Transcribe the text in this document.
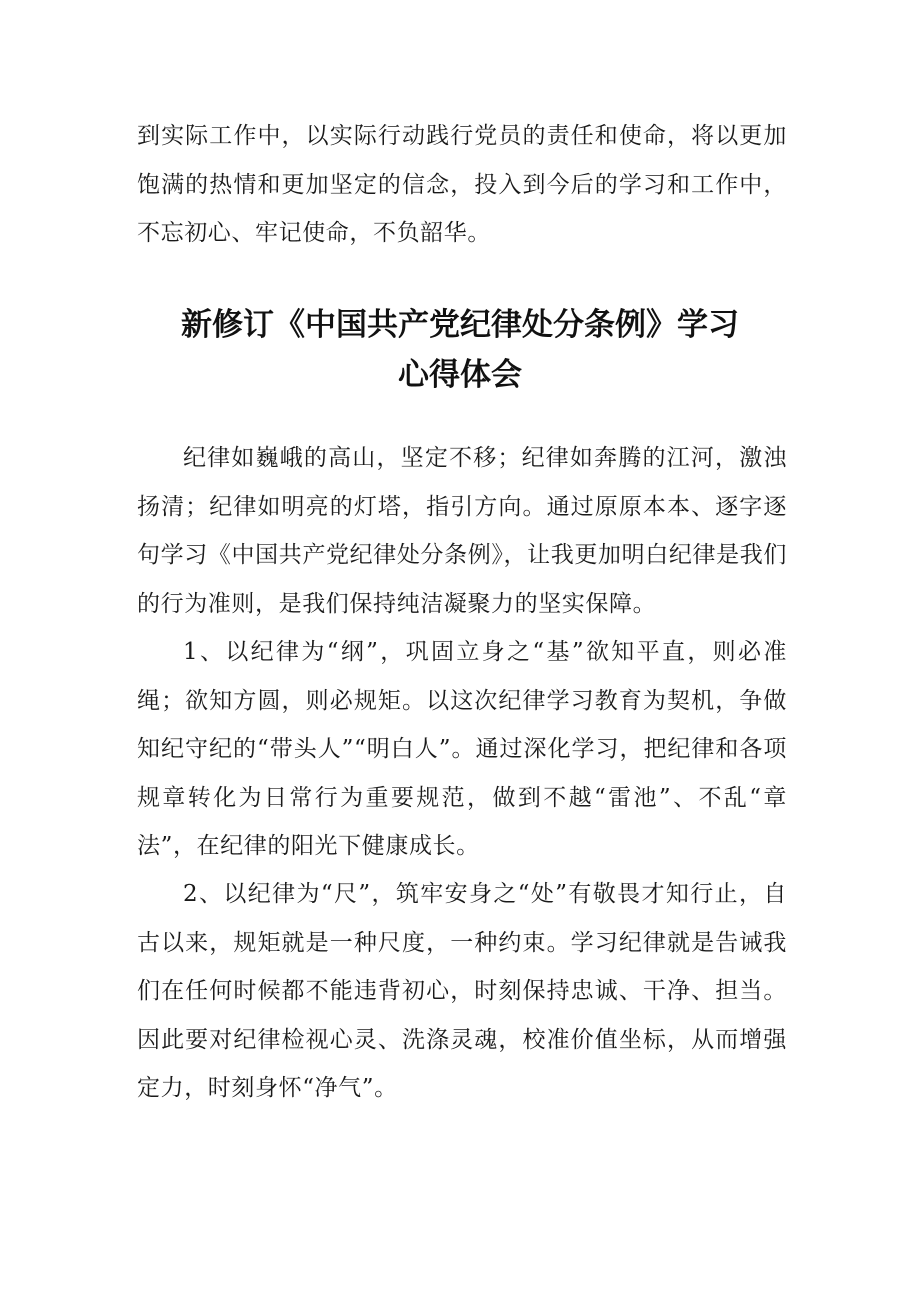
到实际工作中，以实际行动践行党员的责任和使命，将以更加饱满的热情和更加坚定的信念，投入到今后的学习和工作中，不忘初心、牢记使命，不负韶华。

新修订《中国共产党纪律处分条例》学习
心得体会

纪律如巍峨的高山，坚定不移；纪律如奔腾的江河，激浊扬清；纪律如明亮的灯塔，指引方向。通过原原本本、逐字逐句学习《中国共产党纪律处分条例》，让我更加明白纪律是我们的行为准则，是我们保持纯洁凝聚力的坚实保障。

1、以纪律为“纲”，巩固立身之“基”欲知平直，则必准绳；欲知方圆，则必规矩。以这次纪律学习教育为契机，争做知纪守纪的“带头人”“明白人”。通过深化学习，把纪律和各项规章转化为日常行为重要规范，做到不越“雷池”、不乱“章法”，在纪律的阳光下健康成长。

2、以纪律为“尺”，筑牢安身之“处”有敬畏才知行止，自古以来，规矩就是一种尺度，一种约束。学习纪律就是告诫我们在任何时候都不能违背初心，时刻保持忠诚、干净、担当。因此要对纪律检视心灵、洗涤灵魂，校准价值坐标，从而增强定力，时刻身怀“净气”。
